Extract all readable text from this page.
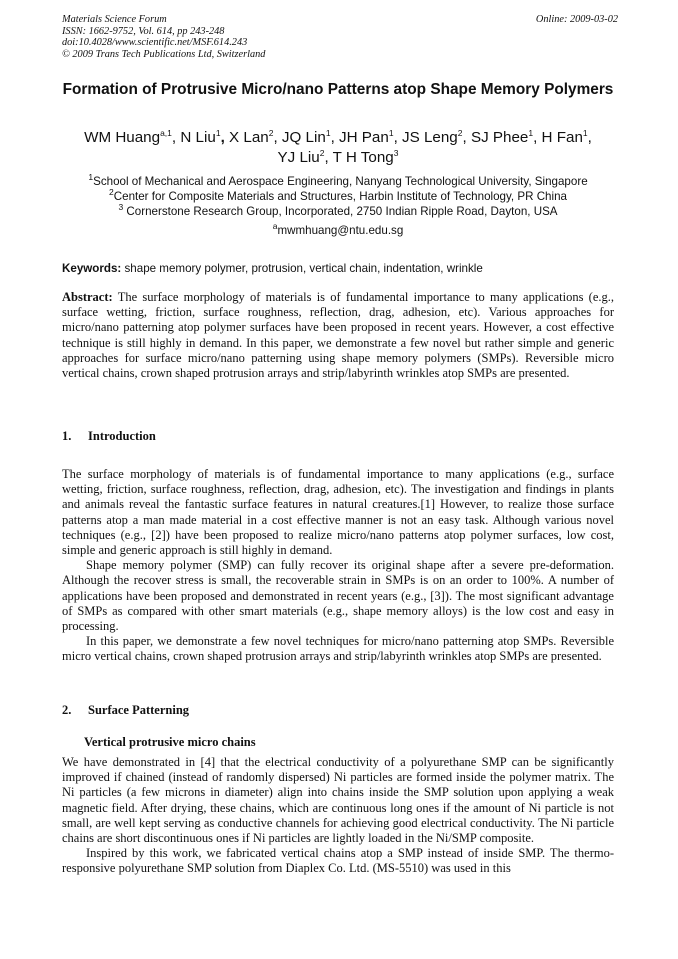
Materials Science Forum
ISSN: 1662-9752, Vol. 614, pp 243-248
doi:10.4028/www.scientific.net/MSF.614.243
© 2009 Trans Tech Publications Ltd, Switzerland
Online: 2009-03-02
Formation of Protrusive Micro/nano Patterns atop Shape Memory Polymers
WM Huang$^{a,1}$, N Liu$^1$, X Lan$^2$, JQ Lin$^1$, JH Pan$^1$, JS Leng$^2$, SJ Phee$^1$, H Fan$^1$,
YJ Liu$^2$, T H Tong$^3$
$^1$School of Mechanical and Aerospace Engineering, Nanyang Technological University, Singapore
$^2$Center for Composite Materials and Structures, Harbin Institute of Technology, PR China
$^3$ Cornerstone Research Group, Incorporated, 2750 Indian Ripple Road, Dayton, USA
$^a$mwmhuang@ntu.edu.sg
Keywords: shape memory polymer, protrusion, vertical chain, indentation, wrinkle
Abstract: The surface morphology of materials is of fundamental importance to many applications (e.g., surface wetting, friction, surface roughness, reflection, drag, adhesion, etc). Various approaches for micro/nano patterning atop polymer surfaces have been proposed in recent years. However, a cost effective technique is still highly in demand. In this paper, we demonstrate a few novel but rather simple and generic approaches for surface micro/nano patterning using shape memory polymers (SMPs). Reversible micro vertical chains, crown shaped protrusion arrays and strip/labyrinth wrinkles atop SMPs are presented.
1. Introduction

The surface morphology of materials is of fundamental importance to many applications (e.g., surface wetting, friction, surface roughness, reflection, drag, adhesion, etc). The investigation and findings in plants and animals reveal the fantastic surface features in natural creatures.[1] However, to realize those surface patterns atop a man made material in a cost effective manner is not an easy task. Although various novel techniques (e.g., [2]) have been proposed to realize micro/nano patterns atop polymer surfaces, low cost, simple and generic approach is still highly in demand.

Shape memory polymer (SMP) can fully recover its original shape after a severe pre-deformation. Although the recover stress is small, the recoverable strain in SMPs is on an order to 100%. A number of applications have been proposed and demonstrated in recent years (e.g., [3]). The most significant advantage of SMPs as compared with other smart materials (e.g., shape memory alloys) is the low cost and easy in processing.

In this paper, we demonstrate a few novel techniques for micro/nano patterning atop SMPs. Reversible micro vertical chains, crown shaped protrusion arrays and strip/labyrinth wrinkles atop SMPs are presented.

2. Surface Patterning
Vertical protrusive micro chains

We have demonstrated in [4] that the electrical conductivity of a polyurethane SMP can be significantly improved if chained (instead of randomly dispersed) Ni particles are formed inside the polymer matrix. The Ni particles (a few microns in diameter) align into chains inside the SMP solution upon applying a weak magnetic field. After drying, these chains, which are continuous long ones if the amount of Ni particle is not small, are well kept serving as conductive channels for achieving good electrical conductivity. The Ni particle chains are short discontinuous ones if Ni particles are lightly loaded in the Ni/SMP composite.

Inspired by this work, we fabricated vertical chains atop a SMP instead of inside SMP. The thermo-responsive polyurethane SMP solution from Diaplex Co. Ltd. (MS-5510) was used in this
